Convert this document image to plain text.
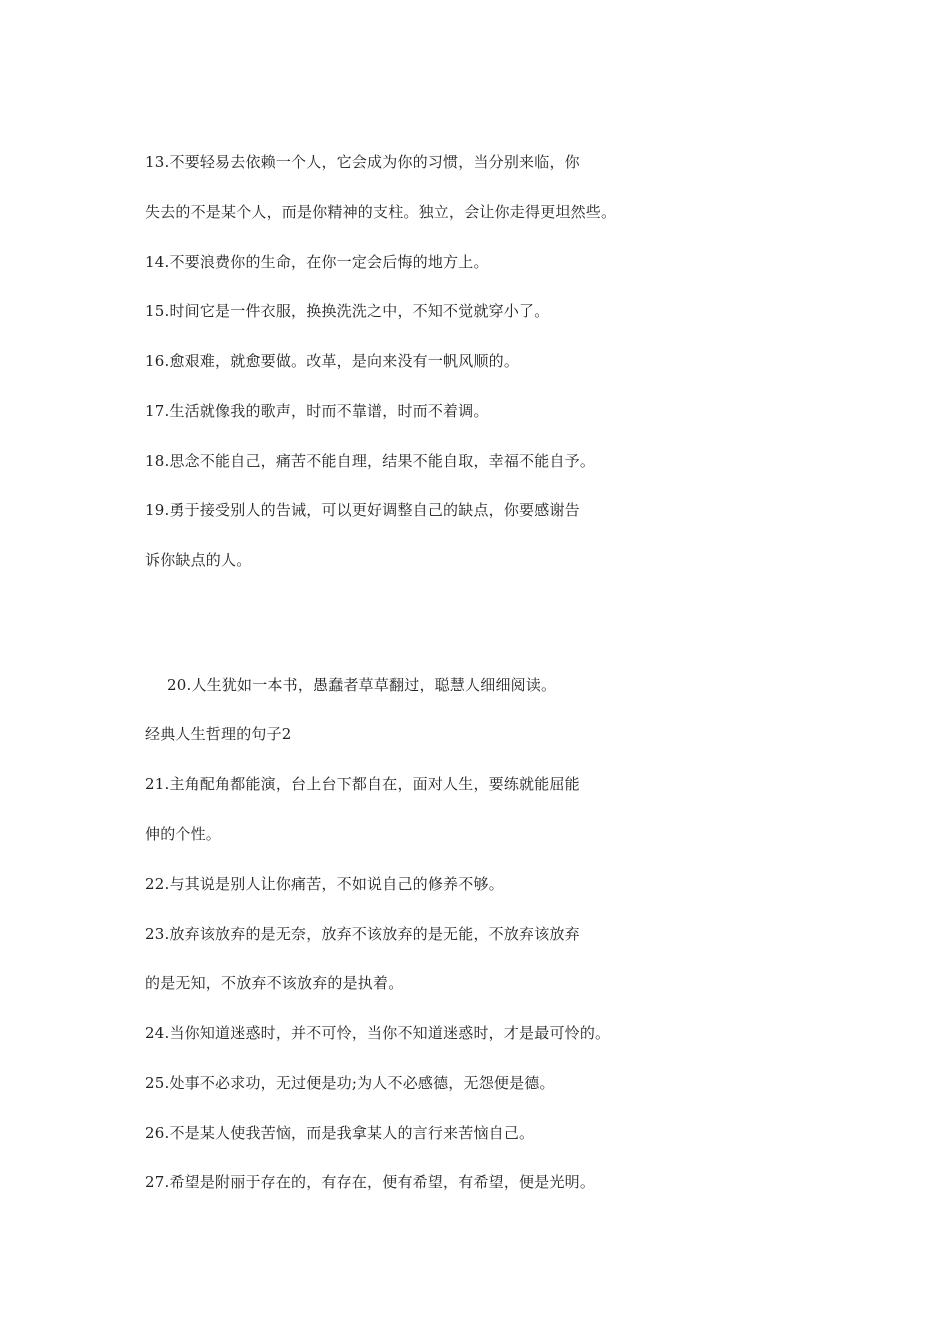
13.不要轻易去依赖一个人，它会成为你的习惯，当分别来临，你
失去的不是某个人，而是你精神的支柱。独立，会让你走得更坦然些。
14.不要浪费你的生命，在你一定会后悔的地方上。
15.时间它是一件衣服，换换洗洗之中，不知不觉就穿小了。
16.愈艰难，就愈要做。改革，是向来没有一帆风顺的。
17.生活就像我的歌声，时而不靠谱，时而不着调。
18.思念不能自己，痛苦不能自理，结果不能自取，幸福不能自予。
19.勇于接受别人的告诫，可以更好调整自己的缺点，你要感谢告
诉你缺点的人。
20.人生犹如一本书，愚蠢者草草翻过，聪慧人细细阅读。
经典人生哲理的句子2
21.主角配角都能演，台上台下都自在，面对人生，要练就能屈能
伸的个性。
22.与其说是别人让你痛苦，不如说自己的修养不够。
23.放弃该放弃的是无奈，放弃不该放弃的是无能，不放弃该放弃
的是无知，不放弃不该放弃的是执着。
24.当你知道迷惑时，并不可怜，当你不知道迷惑时，才是最可怜的。
25.处事不必求功，无过便是功;为人不必感德，无怨便是德。
26.不是某人使我苦恼，而是我拿某人的言行来苦恼自己。
27.希望是附丽于存在的，有存在，便有希望，有希望，便是光明。
